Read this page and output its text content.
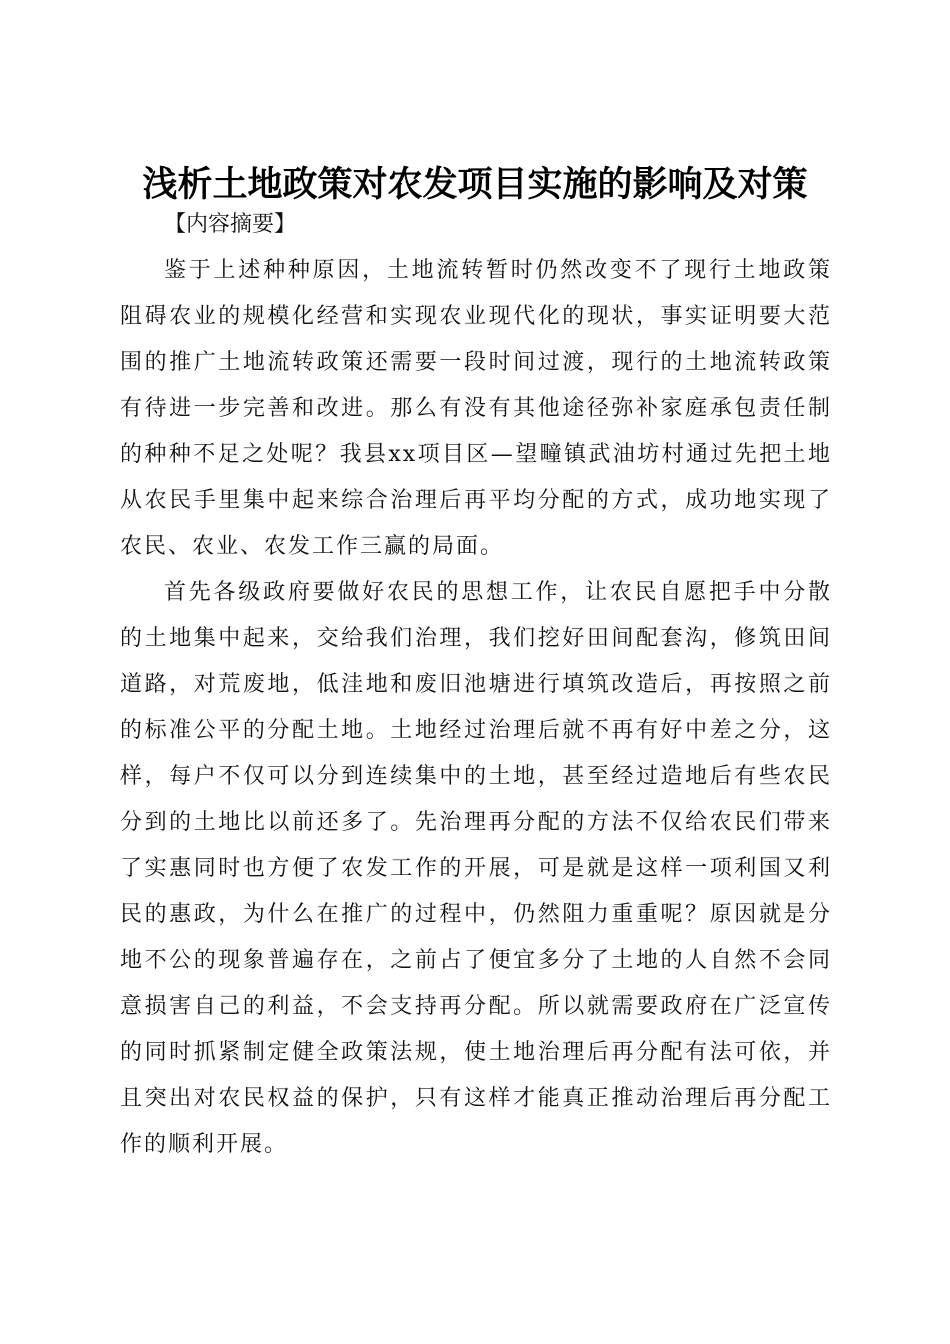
浅析土地政策对农发项目实施的影响及对策

【内容摘要】

鉴于上述种种原因，土地流转暂时仍然改变不了现行土地政策阻碍农业的规模化经营和实现农业现代化的现状，事实证明要大范围的推广土地流转政策还需要一段时间过渡，现行的土地流转政策有待进一步完善和改进。那么有没有其他途径弥补家庭承包责任制的种种不足之处呢？我县xx项目区—望疃镇武油坊村通过先把土地从农民手里集中起来综合治理后再平均分配的方式，成功地实现了农民、农业、农发工作三赢的局面。

首先各级政府要做好农民的思想工作，让农民自愿把手中分散的土地集中起来，交给我们治理，我们挖好田间配套沟，修筑田间道路，对荒废地，低洼地和废旧池塘进行填筑改造后，再按照之前的标准公平的分配土地。土地经过治理后就不再有好中差之分，这样，每户不仅可以分到连续集中的土地，甚至经过造地后有些农民分到的土地比以前还多了。先治理再分配的方法不仅给农民们带来了实惠同时也方便了农发工作的开展，可是就是这样一项利国又利民的惠政，为什么在推广的过程中，仍然阻力重重呢？原因就是分地不公的现象普遍存在，之前占了便宜多分了土地的人自然不会同意损害自己的利益，不会支持再分配。所以就需要政府在广泛宣传的同时抓紧制定健全政策法规，使土地治理后再分配有法可依，并且突出对农民权益的保护，只有这样才能真正推动治理后再分配工作的顺利开展。
